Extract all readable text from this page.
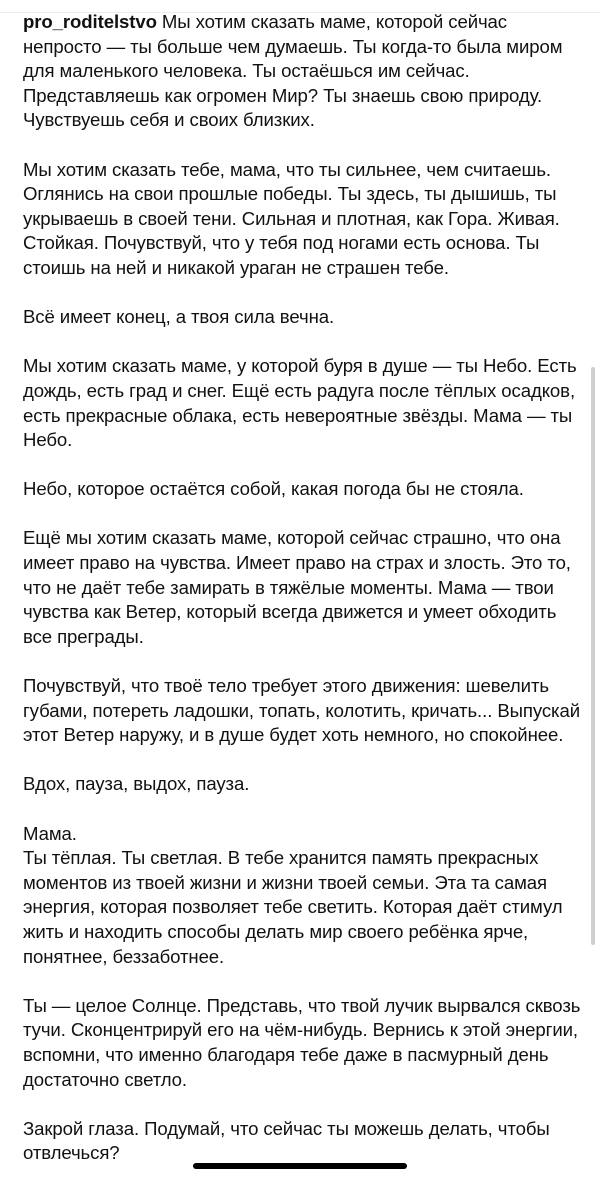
pro_roditelstvo Мы хотим сказать маме, которой сейчас непросто — ты больше чем думаешь. Ты когда-то была миром для маленького человека. Ты остаёшься им сейчас. Представляешь как огромен Мир? Ты знаешь свою природу. Чувствуешь себя и своих близких.

Мы хотим сказать тебе, мама, что ты сильнее, чем считаешь. Оглянись на свои прошлые победы. Ты здесь, ты дышишь, ты укрываешь в своей тени. Сильная и плотная, как Гора. Живая. Стойкая. Почувствуй, что у тебя под ногами есть основа. Ты стоишь на ней и никакой ураган не страшен тебе.

Всё имеет конец, а твоя сила вечна.

Мы хотим сказать маме, у которой буря в душе — ты Небо. Есть дождь, есть град и снег. Ещё есть радуга после тёплых осадков, есть прекрасные облака, есть невероятные звёзды. Мама — ты Небо.

Небо, которое остаётся собой, какая погода бы не стояла.

Ещё мы хотим сказать маме, которой сейчас страшно, что она имеет право на чувства. Имеет право на страх и злость. Это то, что не даёт тебе замирать в тяжёлые моменты. Мама — твои чувства как Ветер, который всегда движется и умеет обходить все преграды.

Почувствуй, что твоё тело требует этого движения: шевелить губами, потереть ладошки, топать, колотить, кричать... Выпускай этот Ветер наружу, и в душе будет хоть немного, но спокойнее.

Вдох, пауза, выдох, пауза.

Мама.

Ты тёплая. Ты светлая. В тебе хранится память прекрасных моментов из твоей жизни и жизни твоей семьи. Эта та самая энергия, которая позволяет тебе светить. Которая даёт стимул жить и находить способы делать мир своего ребёнка ярче, понятнее, беззаботнее.

Ты — целое Солнце. Представь, что твой лучик вырвался сквозь тучи. Сконцентрируй его на чём-нибудь. Вернись к этой энергии, вспомни, что именно благодаря тебе даже в пасмурный день достаточно светло.

Закрой глаза. Подумай, что сейчас ты можешь делать, чтобы отвлечься?
